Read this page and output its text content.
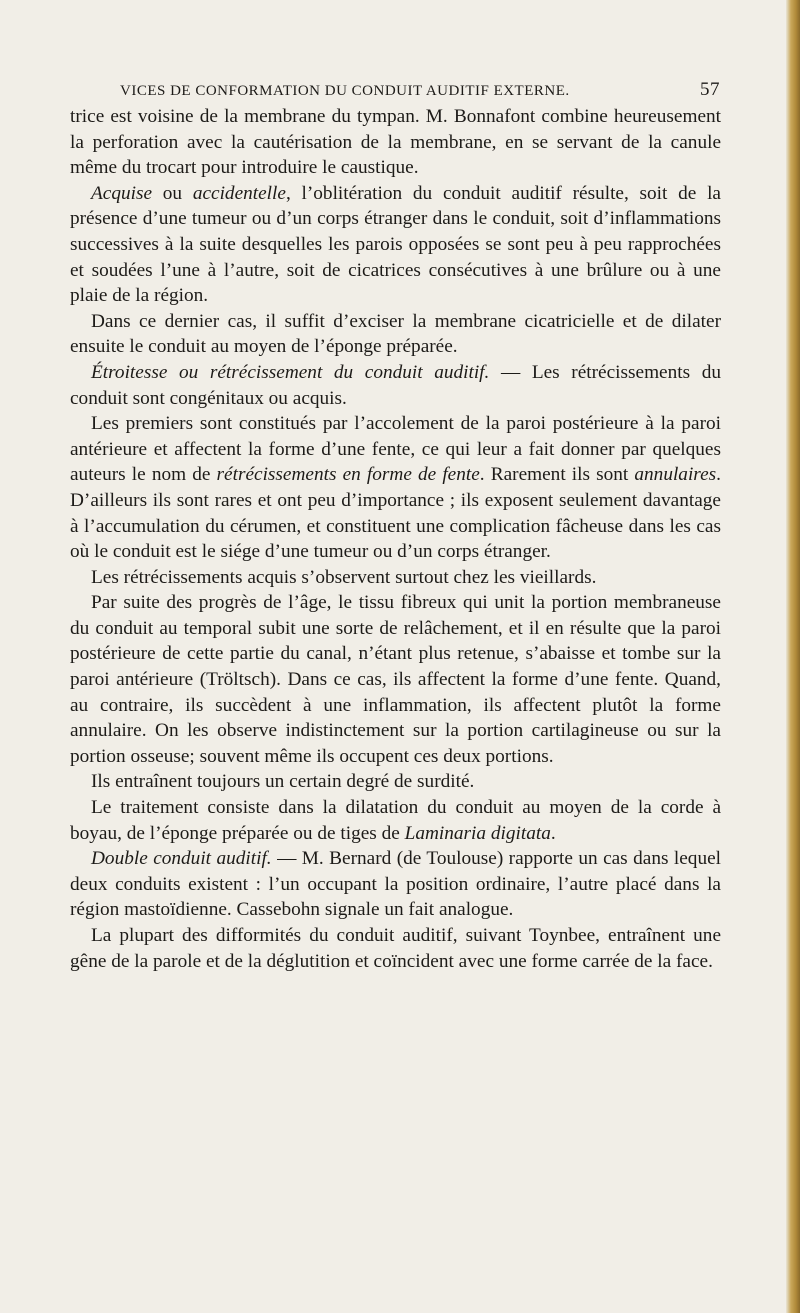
VICES DE CONFORMATION DU CONDUIT AUDITIF EXTERNE.	57

trice est voisine de la membrane du tympan. M. Bonnafont combine heureusement la perforation avec la cautérisation de la membrane, en se servant de la canule même du trocart pour introduire le caustique.

Acquise ou accidentelle, l’oblitération du conduit auditif résulte, soit de la présence d’une tumeur ou d’un corps étranger dans le conduit, soit d’inflammations successives à la suite desquelles les parois opposées se sont peu à peu rapprochées et soudées l’une à l’autre, soit de cicatrices consécutives à une brûlure ou à une plaie de la région.

Dans ce dernier cas, il suffit d’exciser la membrane cicatricielle et de dilater ensuite le conduit au moyen de l’éponge préparée.

Étroitesse ou rétrécissement du conduit auditif. — Les rétrécissements du conduit sont congénitaux ou acquis.

Les premiers sont constitués par l’accolement de la paroi postérieure à la paroi antérieure et affectent la forme d’une fente, ce qui leur a fait donner par quelques auteurs le nom de rétrécissements en forme de fente. Rarement ils sont annulaires. D’ailleurs ils sont rares et ont peu d’importance ; ils exposent seulement davantage à l’accumulation du cérumen, et constituent une complication fâcheuse dans les cas où le conduit est le siége d’une tumeur ou d’un corps étranger.

Les rétrécissements acquis s’observent surtout chez les vieillards.

Par suite des progrès de l’âge, le tissu fibreux qui unit la portion membraneuse du conduit au temporal subit une sorte de relâchement, et il en résulte que la paroi postérieure de cette partie du canal, n’étant plus retenue, s’abaisse et tombe sur la paroi antérieure (Tröltsch). Dans ce cas, ils affectent la forme d’une fente. Quand, au contraire, ils succèdent à une inflammation, ils affectent plutôt la forme annulaire. On les observe indistinctement sur la portion cartilagineuse ou sur la portion osseuse; souvent même ils occupent ces deux portions.

Ils entraînent toujours un certain degré de surdité.

Le traitement consiste dans la dilatation du conduit au moyen de la corde à boyau, de l’éponge préparée ou de tiges de Laminaria digitata.

Double conduit auditif. — M. Bernard (de Toulouse) rapporte un cas dans lequel deux conduits existent : l’un occupant la position ordinaire, l’autre placé dans la région mastoïdienne. Cassebohn signale un fait analogue.

La plupart des difformités du conduit auditif, suivant Toynbee, entraînent une gêne de la parole et de la déglutition et coïncident avec une forme carrée de la face.
